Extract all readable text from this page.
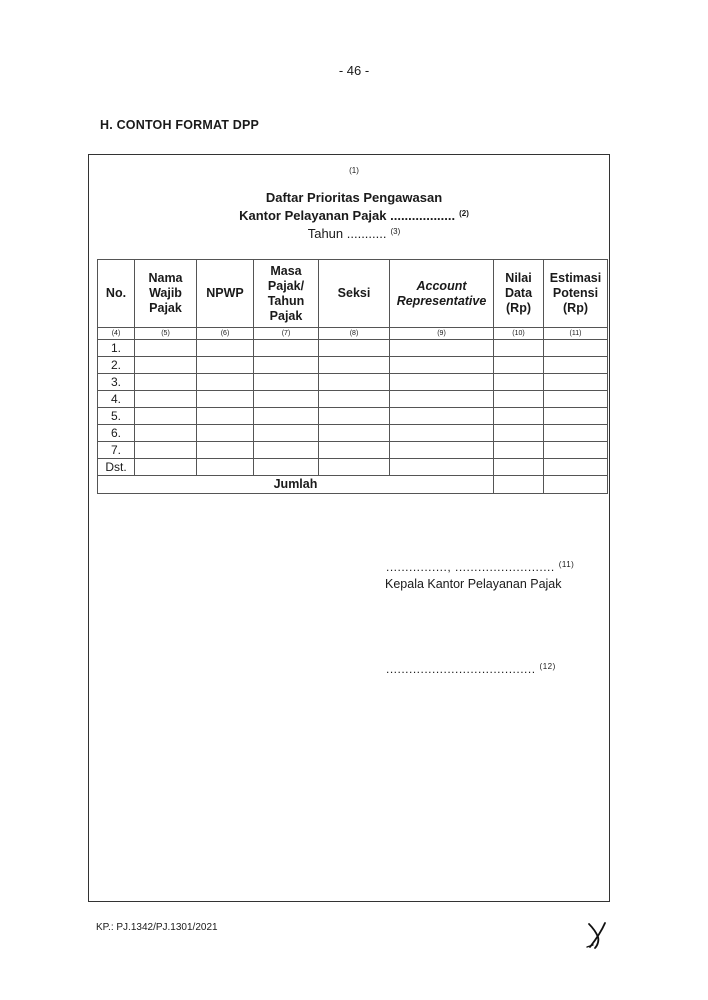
- 46 -
H. CONTOH FORMAT DPP
(1)
Daftar Prioritas Pengawasan
Kantor Pelayanan Pajak .................. $^{(2)}$
Tahun ........... $^{(3)}$
No.	Nama Wajib Pajak	NPWP	Masa Pajak/ Tahun Pajak	Seksi	Account Representative	Nilai Data (Rp)	Estimasi Potensi (Rp)
(4)	(5)	(6)	(7)	(8)	(9)	(10)	(11)
1.							
2.							
3.							
4.							
5.							
6.							
7.							
Dst.							
Jumlah							
................, .......................... $^{(11)}$
Kepala Kantor Pelayanan Pajak
....................................... $^{(12)}$
KP.: PJ.1342/PJ.1301/2021
